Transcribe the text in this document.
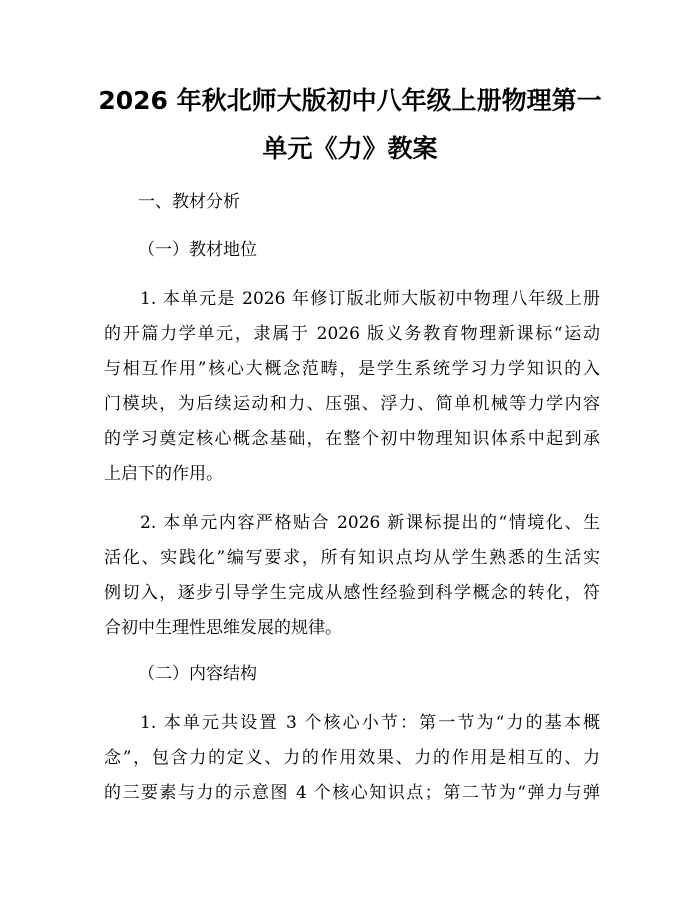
2026 年秋北师大版初中八年级上册物理第一
单元《力》教案
一、教材分析
（一）教材地位
1. 本单元是 2026 年修订版北师大版初中物理八年级上册
的开篇力学单元，隶属于 2026 版义务教育物理新课标“运动
与相互作用”核心大概念范畴，是学生系统学习力学知识的入
门模块，为后续运动和力、压强、浮力、简单机械等力学内容
的学习奠定核心概念基础，在整个初中物理知识体系中起到承
上启下的作用。
2. 本单元内容严格贴合 2026 新课标提出的“情境化、生
活化、实践化”编写要求，所有知识点均从学生熟悉的生活实
例切入，逐步引导学生完成从感性经验到科学概念的转化，符
合初中生理性思维发展的规律。
（二）内容结构
1. 本单元共设置 3 个核心小节：第一节为“力的基本概
念”，包含力的定义、力的作用效果、力的作用是相互的、力
的三要素与力的示意图 4 个核心知识点；第二节为“弹力与弹
